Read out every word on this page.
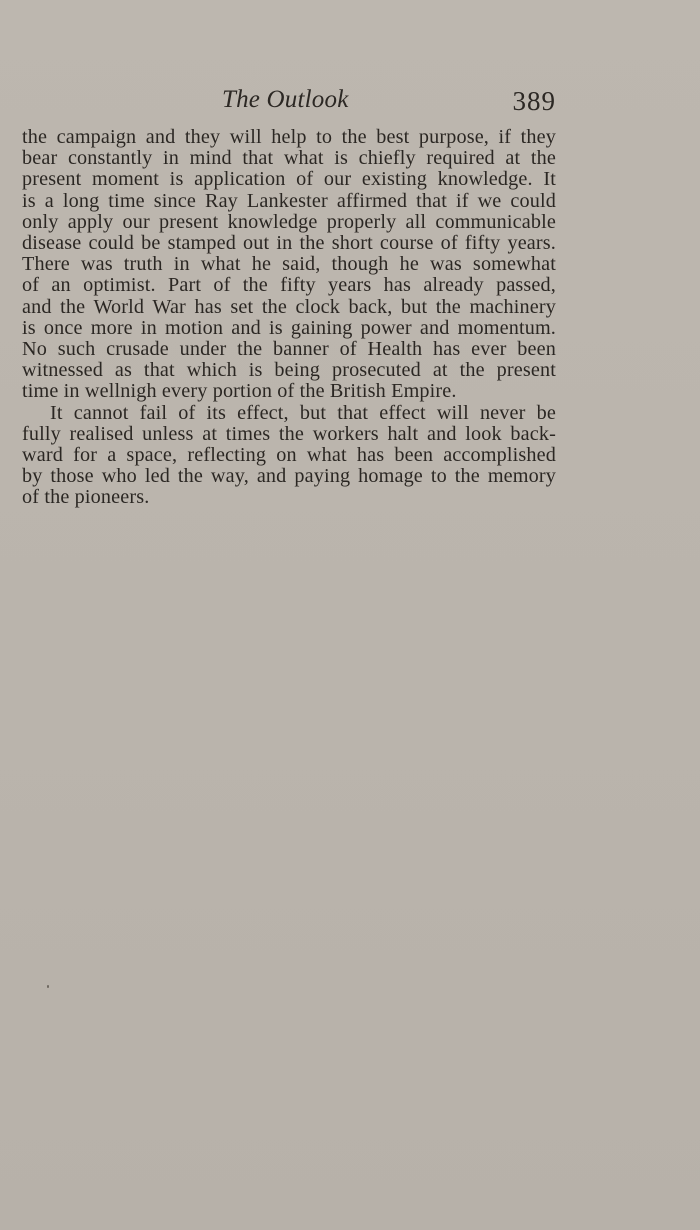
The Outlook	389
the campaign and they will help to the best purpose, if they
bear constantly in mind that what is chiefly required at the
present moment is application of our existing knowledge. It
is a long time since Ray Lankester affirmed that if we could
only apply our present knowledge properly all communicable
disease could be stamped out in the short course of fifty years.
There was truth in what he said, though he was somewhat
of an optimist. Part of the fifty years has already passed,
and the World War has set the clock back, but the machinery
is once more in motion and is gaining power and momentum.
No such crusade under the banner of Health has ever been
witnessed as that which is being prosecuted at the present
time in wellnigh every portion of the British Empire.
It cannot fail of its effect, but that effect will never be
fully realised unless at times the workers halt and look back-
ward for a space, reflecting on what has been accomplished
by those who led the way, and paying homage to the memory
of the pioneers.
